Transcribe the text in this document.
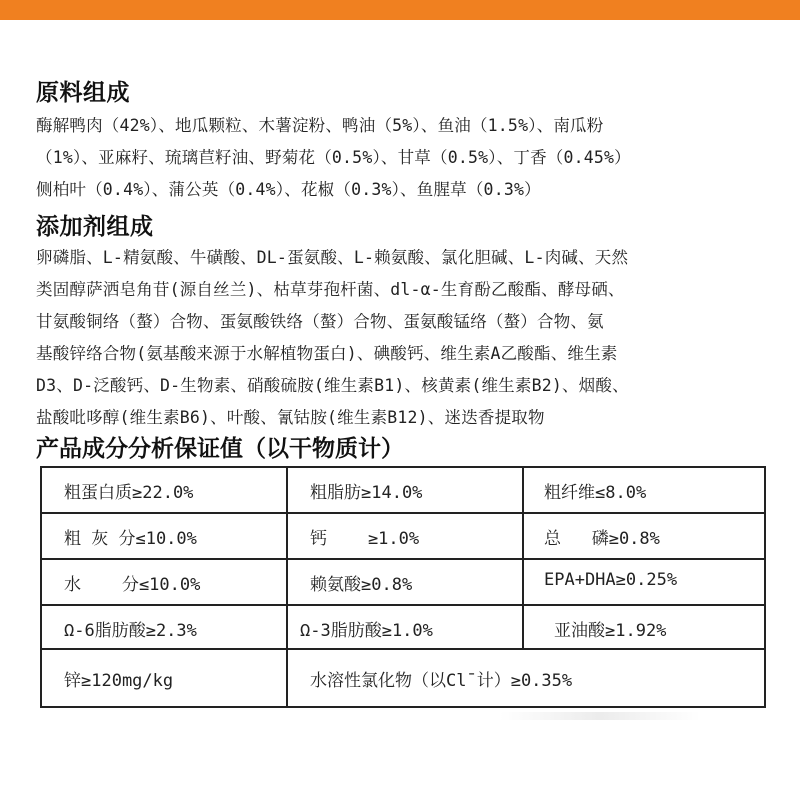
原料组成
酶解鸭肉（42%）、地瓜颗粒、木薯淀粉、鸭油（5%）、鱼油（1.5%）、南瓜粉
（1%）、亚麻籽、琉璃苣籽油、野菊花（0.5%）、甘草（0.5%）、丁香（0.45%）
侧柏叶（0.4%）、蒲公英（0.4%）、花椒（0.3%）、鱼腥草（0.3%）
添加剂组成
卵磷脂、L-精氨酸、牛磺酸、DL-蛋氨酸、L-赖氨酸、氯化胆碱、L-肉碱、天然
类固醇萨洒皂角苷(源自丝兰)、枯草芽孢杆菌、dl-α-生育酚乙酸酯、酵母硒、
甘氨酸铜络（螯）合物、蛋氨酸铁络（螯）合物、蛋氨酸锰络（螯）合物、氨
基酸锌络合物(氨基酸来源于水解植物蛋白)、碘酸钙、维生素A乙酸酯、维生素
D3、D-泛酸钙、D-生物素、硝酸硫胺(维生素B1)、核黄素(维生素B2)、烟酸、
盐酸吡哆醇(维生素B6)、叶酸、氰钴胺(维生素B12)、迷迭香提取物
产品成分分析保证值（以干物质计）
粗蛋白质≥22.0%	粗脂肪≥14.0%	粗纤维≤8.0%
粗 灰 分≤10.0%	钙    ≥1.0%	总   磷≥0.8%
水    分≤10.0%	赖氨酸≥0.8%	EPA+DHA≥0.25%
Ω-6脂肪酸≥2.3%	Ω-3脂肪酸≥1.0%	亚油酸≥1.92%
锌≥120mg/kg	水溶性氯化物（以Cl¯计）≥0.35%
